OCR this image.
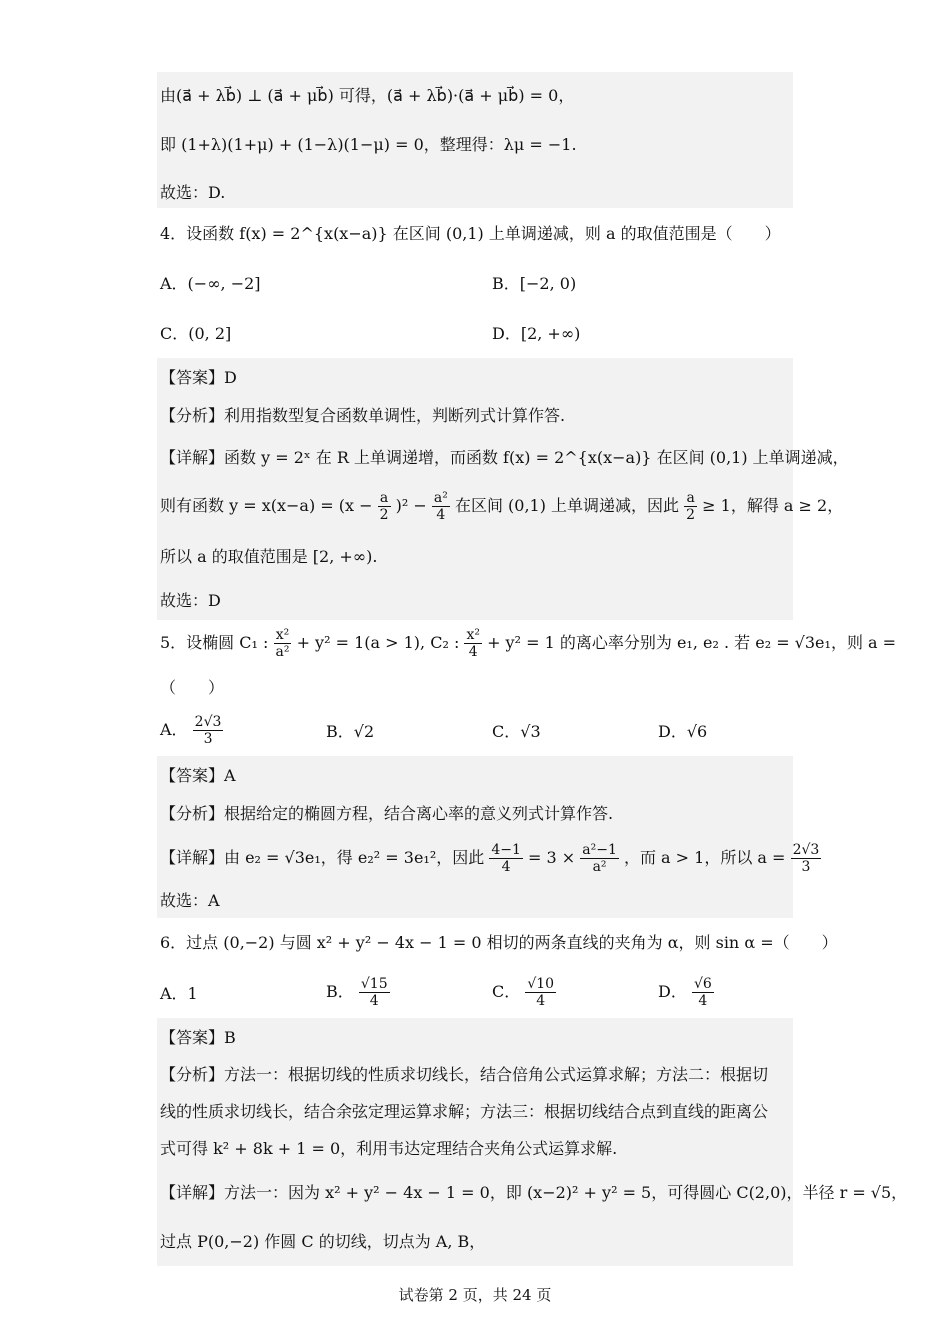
由(a⃗ + λb⃗) ⊥ (a⃗ + μb⃗) 可得，(a⃗ + λb⃗)·(a⃗ + μb⃗) = 0，
即 (1+λ)(1+μ) + (1−λ)(1−μ) = 0，整理得：λμ = −1.
故选：D.
4．设函数 f(x) = 2^{x(x−a)} 在区间 (0,1) 上单调递减，则 a 的取值范围是（　　）
A．(−∞, −2]	B．[−2, 0)
C．(0, 2]	D．[2, +∞)
【答案】D
【分析】利用指数型复合函数单调性，判断列式计算作答.
【详解】函数 y = 2ˣ 在 R 上单调递增，而函数 f(x) = 2^{x(x−a)} 在区间 (0,1) 上单调递减，
则有函数 $y = x(x-a) = (x - \frac{a}{2} )^2 - \frac{\text{a²}}{4}$ 在区间 (0,1) 上单调递减，因此 $\frac{a}{2} \ge 1$，解得 a ≥ 2，
所以 a 的取值范围是 [2, +∞).
故选：D
5．设椭圆 C₁ : $\frac{\text{x²}}{\text{a²}} + y^2 = 1(a > 1)$, C₂ : $\frac{\text{x²}}{4} + y^2 = 1$ 的离心率分别为 e₁, e₂ . 若 e₂ = √3e₁，则 a =
（　　）
A． $\frac{2√3}{3}$	B．√2	C．√3	D．√6
【答案】A
【分析】根据给定的椭圆方程，结合离心率的意义列式计算作答.
【详解】由 e₂ = √3e₁，得 e₂² = 3e₁²，因此 $\frac{4-1}{4} = 3 \times \frac{\text{a²−1}}{\text{a²}}$ ，而 a > 1，所以 $a = \frac{2√3}{3}$
故选：A
6．过点 (0,−2) 与圆 x² + y² − 4x − 1 = 0 相切的两条直线的夹角为 α，则 sin α =（　　）
A．1	B． $\frac{√15}{4}$	C． $\frac{√10}{4}$	D． $\frac{√6}{4}$
【答案】B
【分析】方法一：根据切线的性质求切线长，结合倍角公式运算求解；方法二：根据切
线的性质求切线长，结合余弦定理运算求解；方法三：根据切线结合点到直线的距离公
式可得 k² + 8k + 1 = 0，利用韦达定理结合夹角公式运算求解.
【详解】方法一：因为 x² + y² − 4x − 1 = 0，即 (x−2)² + y² = 5，可得圆心 C(2,0)，半径 r = √5，
过点 P(0,−2) 作圆 C 的切线，切点为 A, B，
试卷第 2 页，共 24 页
